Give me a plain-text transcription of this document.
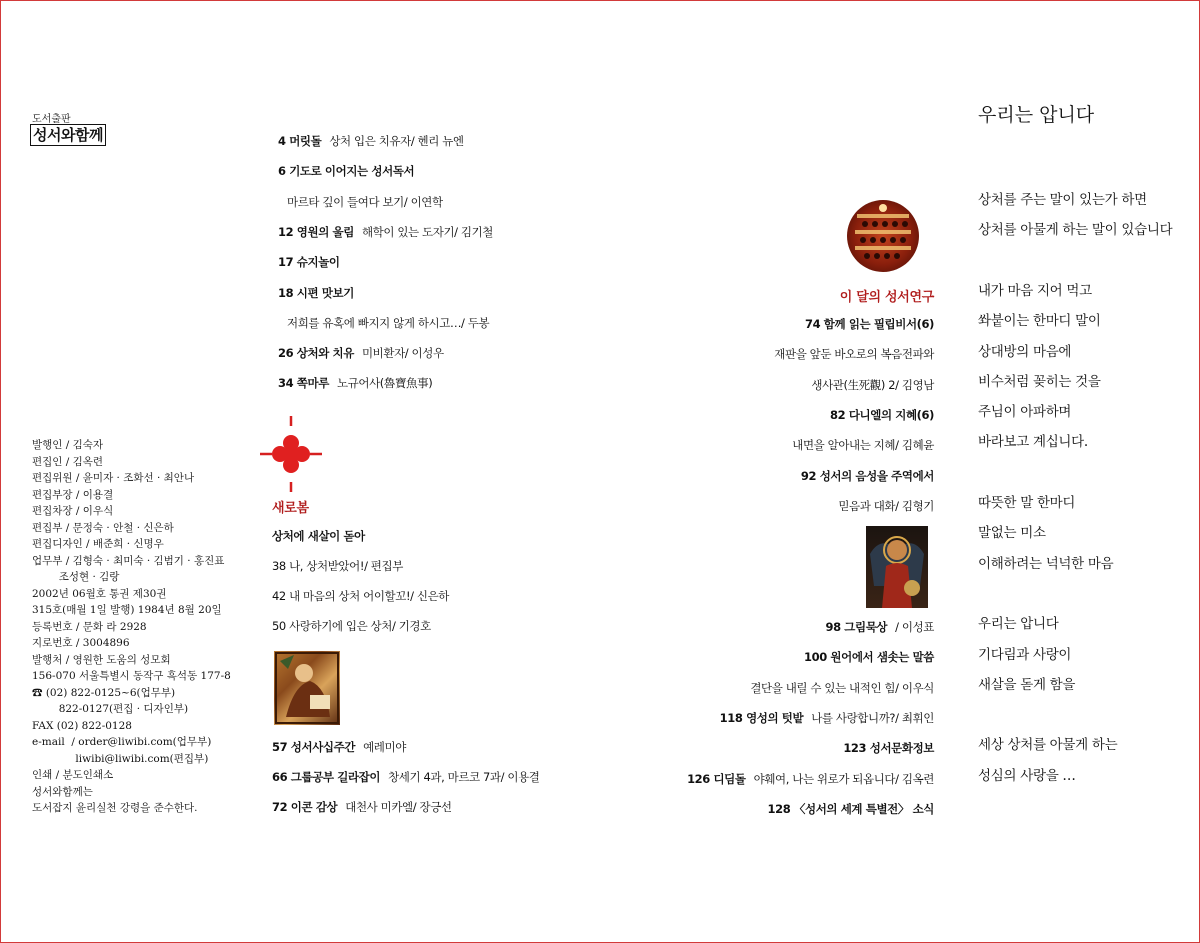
도서출판
성서와함께
발행인 / 김숙자
편집인 / 김옥련
편집위원 / 윤미자 · 조화선 · 최안나
편집부장 / 이용결
편집차장 / 이우식
편집부 / 문정숙 · 안철 · 신은하
편집디자인 / 배준희 · 신명우
업무부 / 김형숙 · 최미숙 · 김범기 · 홍진표
조성현 · 김랑
2002년 06월호 통권 제30권
315호(매월 1일 발행) 1984년 8월 20일
등록번호 / 문화 라 2928
지로번호 / 3004896
발행처 / 영원한 도움의 성모회
156-070 서울특별시 동작구 흑석동 177-8
☎ (02) 822-0125~6(업무부)
822-0127(편집 · 디자인부)
FAX (02) 822-0128
e-mail  / order@liwibi.com(업무부)
liwibi@liwibi.com(편집부)
인쇄 / 분도인쇄소
성서와함께는
도서잡지 윤리실천 강령을 준수한다.
4 머릿돌 상처 입은 치유자/ 헨리 뉴엔
6 기도로 이어지는 성서독서
마르타 깊이 들여다 보기/ 이연학
12 영원의 울림 해학이 있는 도자기/ 김기철
17 슈지놀이
18 시편 맛보기
저희를 유혹에 빠지지 않게 하시고…/ 두봉
26 상처와 치유 미비환자/ 이성우
34 쪽마루 노규어사(魯寶魚事)
새로봄
상처에 새살이 돋아
38 나, 상처받았어!/ 편집부
42 내 마음의 상처 어이할꼬!/ 신은하
50 사랑하기에 입은 상처/ 기경호
57 성서사십주간 예레미야
66 그룹공부 길라잡이 창세기 4과, 마르코 7과/ 이용결
72 이콘 감상 대천사 미카엘/ 장긍선
이 달의 성서연구
74 함께 읽는 필립비서(6)
재판을 앞둔 바오로의 복음전파와
생사관(生死觀) 2/ 김영남
82 다니엘의 지혜(6)
내면을 알아내는 지혜/ 김혜윤
92 성서의 음성을 주역에서
믿음과 대화/ 김형기
98 그림묵상 / 이성표
100 원어에서 샘솟는 말씀
결단을 내릴 수 있는 내적인 힘/ 이우식
118 영성의 텃밭 나를 사랑합니까?/ 최휘인
123 성서문화정보
126 디딤돌 야훼여, 나는 위로가 되옵니다/ 김옥련
128 〈성서의 세계 특별전〉 소식
우리는 압니다
상처를 주는 말이 있는가 하면
상처를 아물게 하는 말이 있습니다
내가 마음 지어 먹고
쏴붙이는 한마디 말이
상대방의 마음에
비수처럼 꽂히는 것을
주님이 아파하며
바라보고 계십니다.
따뜻한 말 한마디
말없는 미소
이해하려는 넉넉한 마음
우리는 압니다
기다림과 사랑이
새살을 돋게 함을
세상 상처를 아물게 하는
성심의 사랑을 …
